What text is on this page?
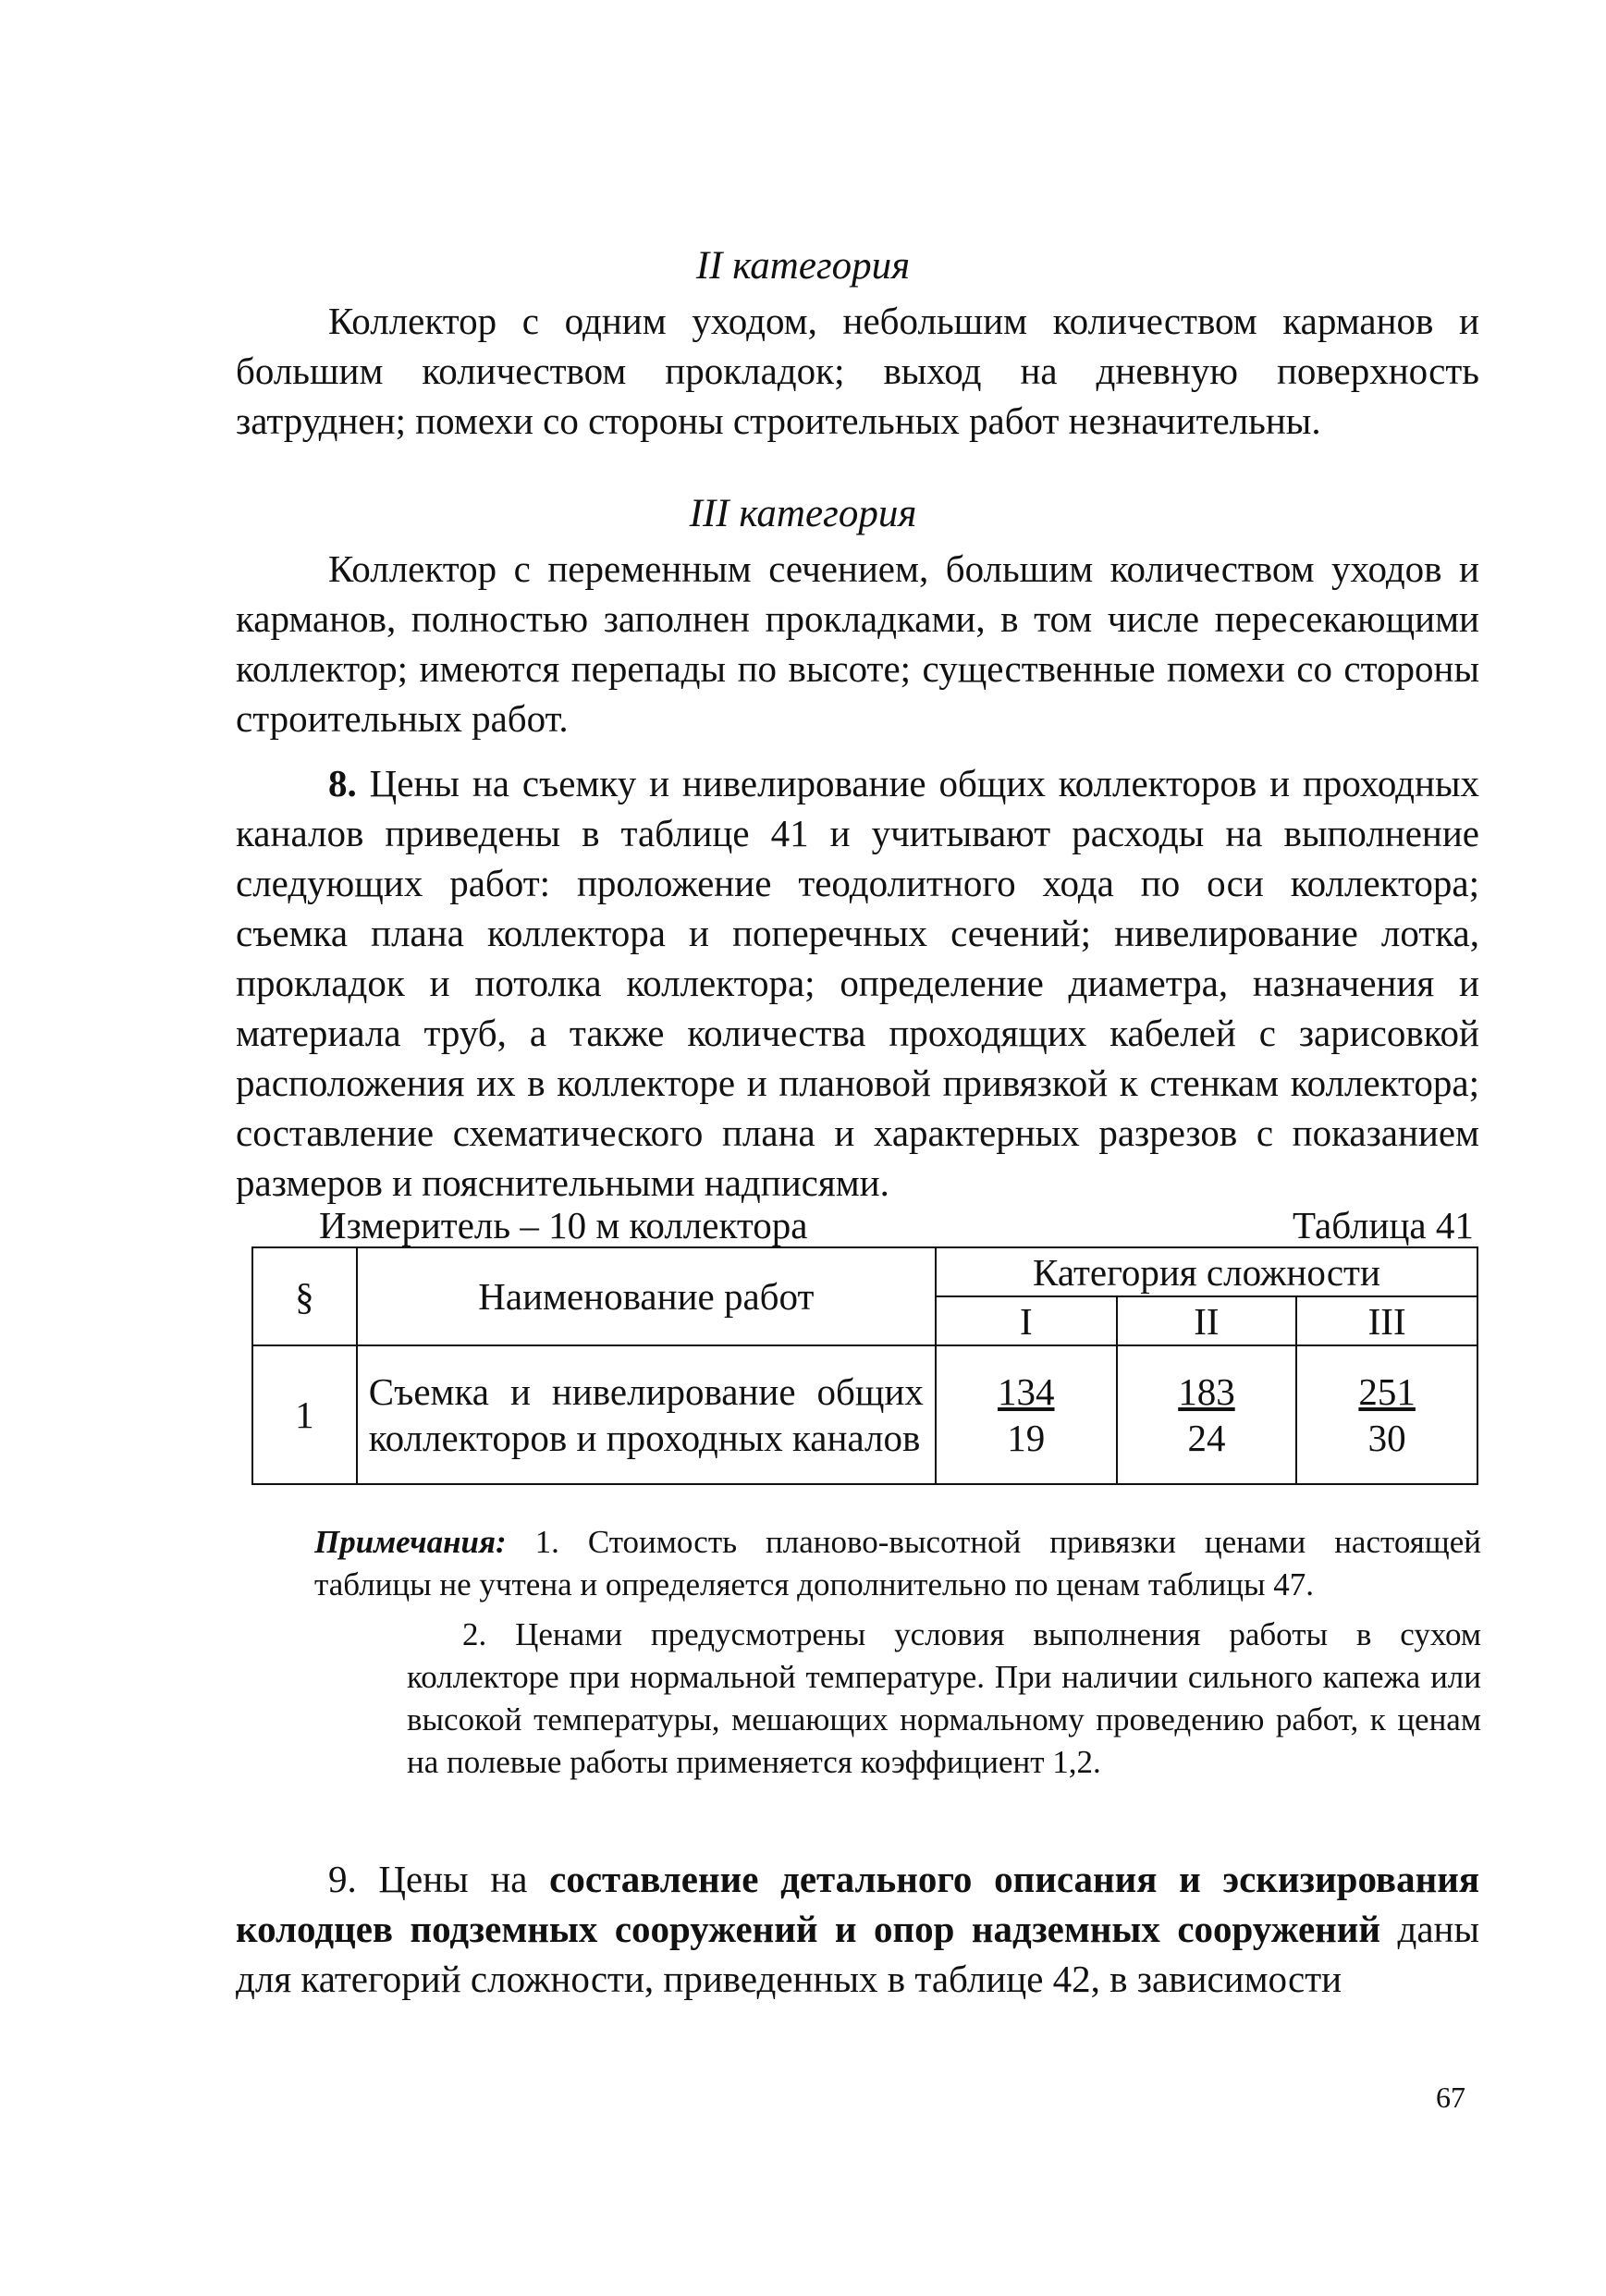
II категория

Коллектор с одним уходом, небольшим количеством карманов и большим количеством прокладок; выход на дневную поверхность затруднен; помехи со стороны строительных работ незначительны.

III категория

Коллектор с переменным сечением, большим количеством уходов и карманов, полностью заполнен прокладками, в том числе пересекающими коллектор; имеются перепады по высоте; существенные помехи со стороны строительных работ.

8. Цены на съемку и нивелирование общих коллекторов и проходных каналов приведены в таблице 41 и учитывают расходы на выполнение следующих работ: проложение теодолитного хода по оси коллектора; съемка плана коллектора и поперечных сечений; нивелирование лотка, прокладок и потолка коллектора; определение диаметра, назначения и материала труб, а также количества проходящих кабелей с зарисовкой расположения их в коллекторе и плановой привязкой к стенкам коллектора; составление схематического плана и характерных разрезов с показанием размеров и пояснительными надписями.

Измеритель – 10 м коллектора	Таблица 41
§	Наименование работ	Категория сложности		
		I	II	III
1	Съемка и нивелирование общих коллекторов и проходных каналов	$\frac{134}{19}$	$\frac{183}{24}$	$\frac{251}{30}$
Примечания: 1. Стоимость планово-высотной привязки ценами настоящей таблицы не учтена и определяется дополнительно по ценам таблицы 47.
2. Ценами предусмотрены условия выполнения работы в сухом коллекторе при нормальной температуре. При наличии сильного капежа или высокой температуры, мешающих нормальному проведению работ, к ценам на полевые работы применяется коэффициент 1,2.

9. Цены на составление детального описания и эскизирования колодцев подземных сооружений и опор надземных сооружений даны для категорий сложности, приведенных в таблице 42, в зависимости

67
